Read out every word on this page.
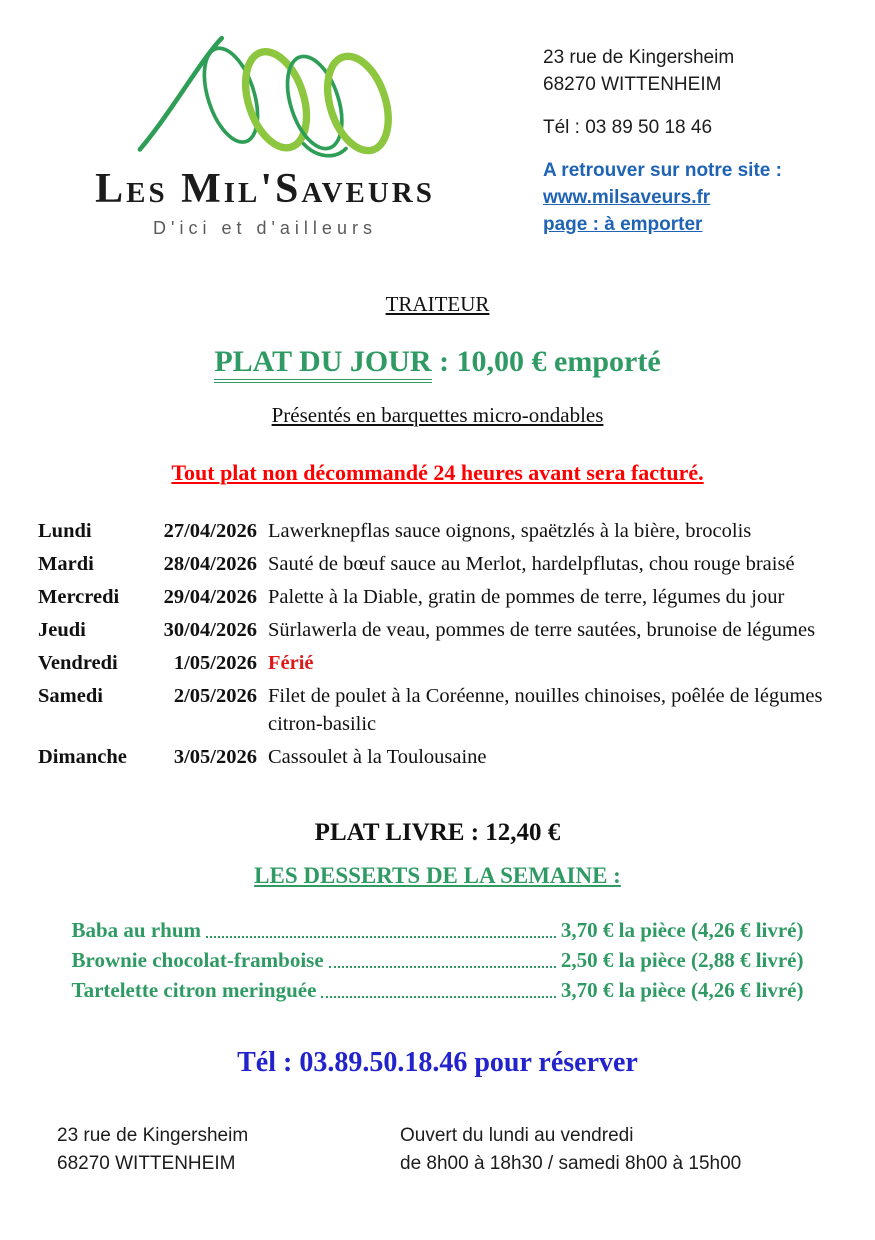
Les Mil'Saveurs
D'ici et d'ailleurs
23 rue de Kingersheim
68270 WITTENHEIM
Tél : 03 89 50 18 46
A retrouver sur notre site :
www.milsaveurs.fr
page : à emporter
TRAITEUR
PLAT DU JOUR : 10,00 € emporté
Présentés en barquettes micro-ondables
Tout plat non décommandé 24 heures avant sera facturé.
Lundi	27/04/2026	Lawerknepflas sauce oignons, spaëtzlés à la bière, brocolis
Mardi	28/04/2026	Sauté de bœuf sauce au Merlot, hardelpflutas, chou rouge braisé
Mercredi	29/04/2026	Palette à la Diable, gratin de pommes de terre, légumes du jour
Jeudi	30/04/2026	Sürlawerla de veau, pommes de terre sautées, brunoise de légumes
Vendredi	1/05/2026	Férié
Samedi	2/05/2026	Filet de poulet à la Coréenne, nouilles chinoises, poêlée de légumes citron-basilic
Dimanche	3/05/2026	Cassoulet à la Toulousaine
PLAT LIVRE : 12,40 €
LES DESSERTS DE LA SEMAINE :
Baba au rhum	3,70 € la pièce (4,26 € livré)
Brownie chocolat-framboise	2,50 € la pièce (2,88 € livré)
Tartelette citron meringuée	3,70 € la pièce (4,26 € livré)
Tél : 03.89.50.18.46 pour réserver
23 rue de Kingersheim
68270 WITTENHEIM
Ouvert du lundi au vendredi
de 8h00 à 18h30 / samedi 8h00 à 15h00
